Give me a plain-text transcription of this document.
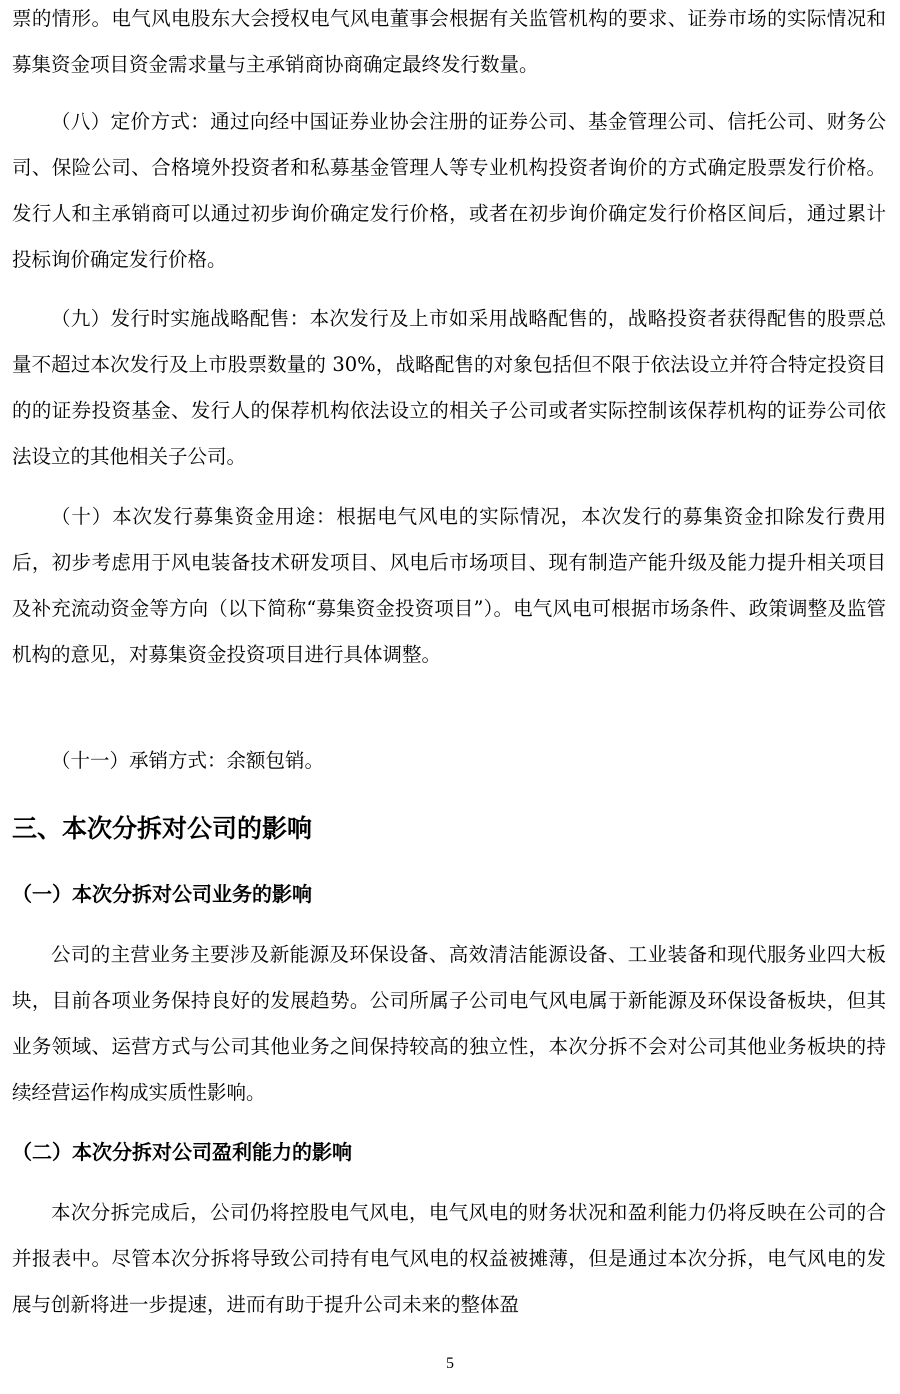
票的情形。电气风电股东大会授权电气风电董事会根据有关监管机构的要求、证券市场的实际情况和募集资金项目资金需求量与主承销商协商确定最终发行数量。

（八）定价方式：通过向经中国证券业协会注册的证券公司、基金管理公司、信托公司、财务公司、保险公司、合格境外投资者和私募基金管理人等专业机构投资者询价的方式确定股票发行价格。发行人和主承销商可以通过初步询价确定发行价格，或者在初步询价确定发行价格区间后，通过累计投标询价确定发行价格。

（九）发行时实施战略配售：本次发行及上市如采用战略配售的，战略投资者获得配售的股票总量不超过本次发行及上市股票数量的 30%，战略配售的对象包括但不限于依法设立并符合特定投资目的的证券投资基金、发行人的保荐机构依法设立的相关子公司或者实际控制该保荐机构的证券公司依法设立的其他相关子公司。

（十）本次发行募集资金用途：根据电气风电的实际情况，本次发行的募集资金扣除发行费用后，初步考虑用于风电装备技术研发项目、风电后市场项目、现有制造产能升级及能力提升相关项目及补充流动资金等方向（以下简称“募集资金投资项目”）。电气风电可根据市场条件、政策调整及监管机构的意见，对募集资金投资项目进行具体调整。

（十一）承销方式：余额包销。

三、本次分拆对公司的影响
（一）本次分拆对公司业务的影响

公司的主营业务主要涉及新能源及环保设备、高效清洁能源设备、工业装备和现代服务业四大板块，目前各项业务保持良好的发展趋势。公司所属子公司电气风电属于新能源及环保设备板块，但其业务领域、运营方式与公司其他业务之间保持较高的独立性，本次分拆不会对公司其他业务板块的持续经营运作构成实质性影响。

（二）本次分拆对公司盈利能力的影响

本次分拆完成后，公司仍将控股电气风电，电气风电的财务状况和盈利能力仍将反映在公司的合并报表中。尽管本次分拆将导致公司持有电气风电的权益被摊薄，但是通过本次分拆，电气风电的发展与创新将进一步提速，进而有助于提升公司未来的整体盈

5
